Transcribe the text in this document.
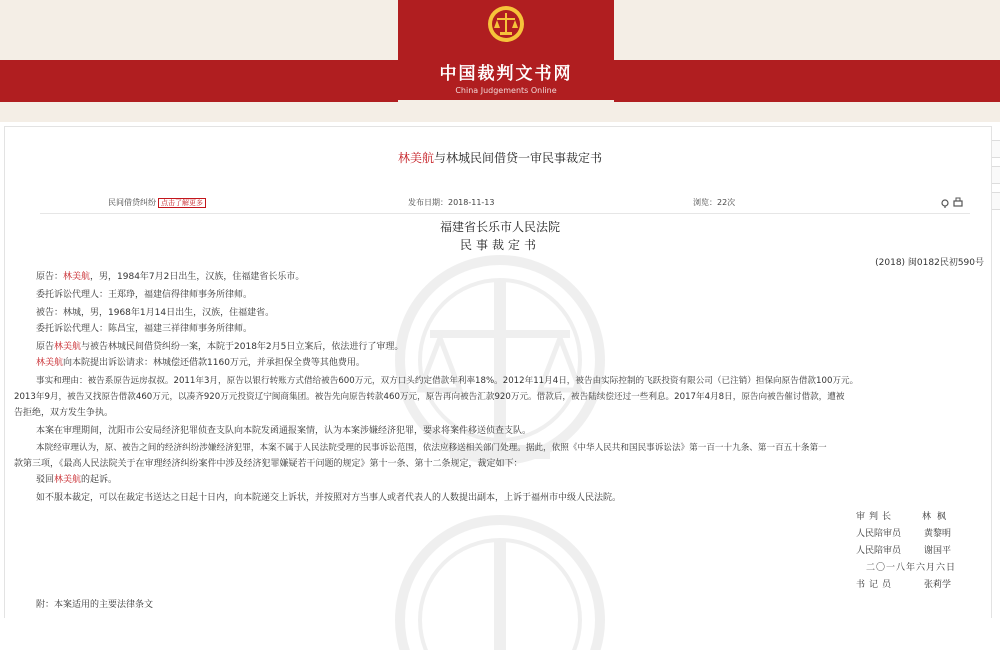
中国裁判文书网
China Judgements Online
林美航与林城民间借贷一审民事裁定书
民间借贷纠纷 点击了解更多	发布日期：2018-11-13	浏览：22次
福建省长乐市人民法院
民事裁定书
(2018) 闽0182民初590号
原告：林美航，男，1984年7月2日出生，汉族，住福建省长乐市。
委托诉讼代理人：王郑琤，福建信得律师事务所律师。
被告：林城，男，1968年1月14日出生，汉族，住福建省。
委托诉讼代理人：陈昌宝，福建三祥律师事务所律师。
原告林美航与被告林城民间借贷纠纷一案，本院于2018年2月5日立案后，依法进行了审理。
林美航向本院提出诉讼请求：林城偿还借款1160万元，并承担保全费等其他费用。
事实和理由：被告系原告远房叔叔。2011年3月，原告以银行转账方式借给被告600万元，双方口头约定借款年利率18%。2012年11月4日，被告由实际控制的飞跃投资有限公司（已注销）担保向原告借款100万元。
2013年9月，被告又找原告借款460万元，以凑齐920万元投资辽宁闽商集团。被告先向原告转款460万元，原告再向被告汇款920万元。借款后，被告陆续偿还过一些利息。2017年4月8日，原告向被告催讨借款，遭被
告拒绝，双方发生争执。
本案在审理期间，沈阳市公安局经济犯罪侦查支队向本院发函通报案情，认为本案涉嫌经济犯罪，要求将案件移送侦查支队。
本院经审理认为，原、被告之间的经济纠纷涉嫌经济犯罪，本案不属于人民法院受理的民事诉讼范围，依法应移送相关部门处理。据此，依照《中华人民共和国民事诉讼法》第一百一十九条、第一百五十条第一
款第三项，《最高人民法院关于在审理经济纠纷案件中涉及经济犯罪嫌疑若干问题的规定》第十一条、第十二条规定，裁定如下：
驳回林美航的起诉。
如不服本裁定，可以在裁定书送达之日起十日内，向本院递交上诉状，并按照对方当事人或者代表人的人数提出副本，上诉于福州市中级人民法院。
审判长	林枫
人民陪审员	黄黎明
人民陪审员	谢国平
二〇一八年六月六日
书记员	张莉学
附：本案适用的主要法律条文
